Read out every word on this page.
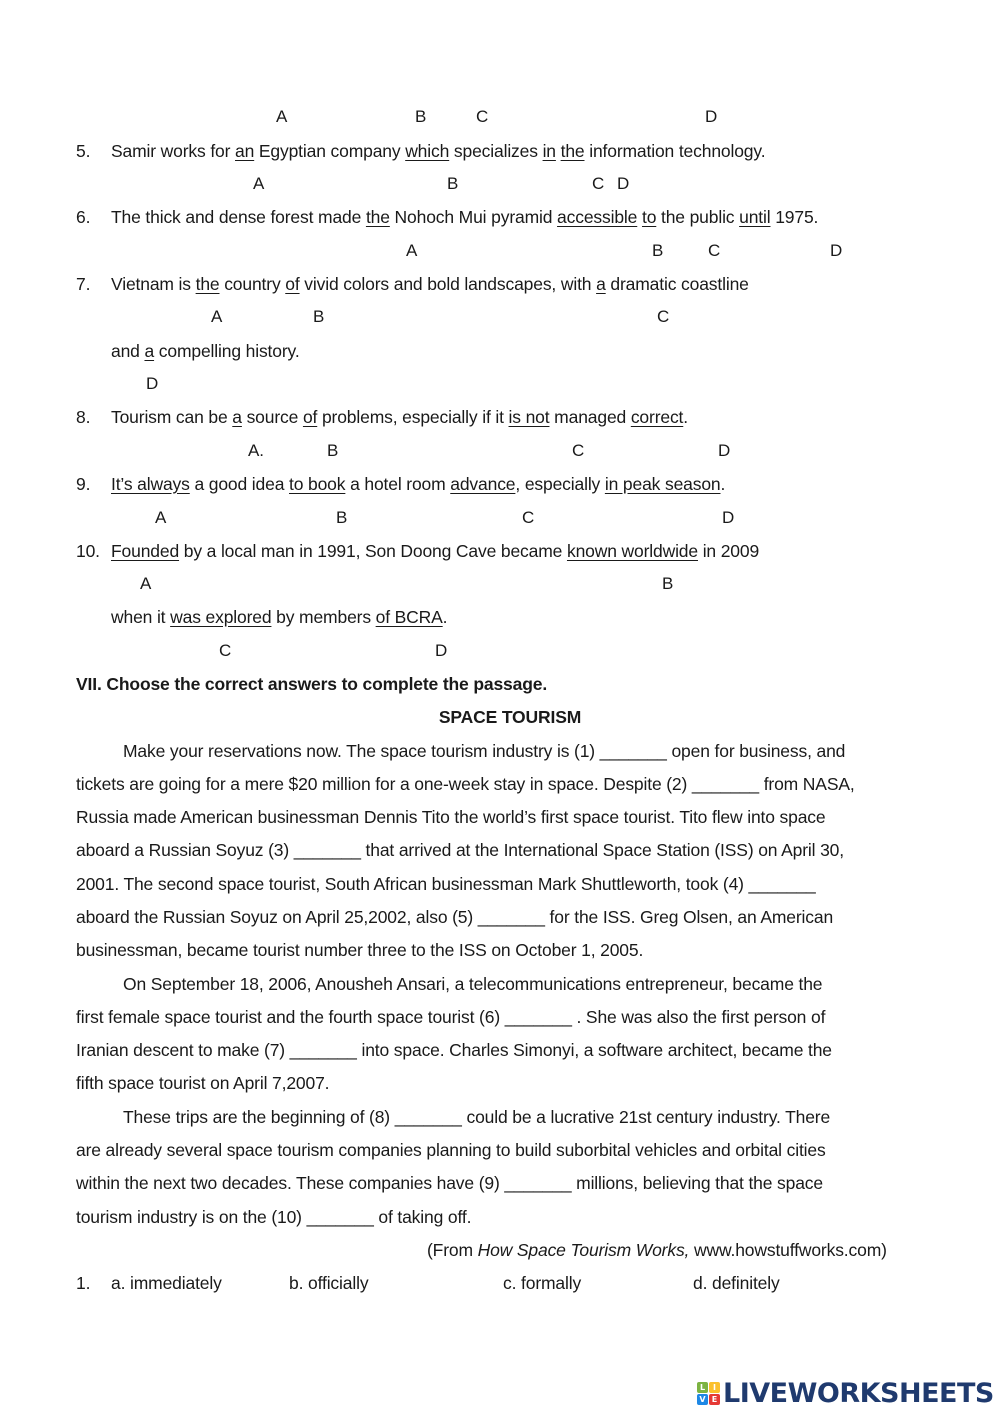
A	B	C	D
5. Samir works for an Egyptian company which specializes in the information technology.
A	B	C D
6. The thick and dense forest made the Nohoch Mui pyramid accessible to the public until 1975.
A	B	C	D
7. Vietnam is the country of vivid colors and bold landscapes, with a dramatic coastline
A	B	C
and a compelling history.
D
8. Tourism can be a source of problems, especially if it is not managed correct.
A.	B	C	D
9. It’s always a good idea to book a hotel room advance, especially in peak season.
A	B	C	D
10. Founded by a local man in 1991, Son Doong Cave became known worldwide in 2009
A	B
when it was explored by members of BCRA.
C	D
VII. Choose the correct answers to complete the passage.
SPACE TOURISM
Make your reservations now. The space tourism industry is (1) _______ open for business, and
tickets are going for a mere $20 million for a one-week stay in space. Despite (2) _______ from NASA,
Russia made American businessman Dennis Tito the world’s first space tourist. Tito flew into space
aboard a Russian Soyuz (3) _______ that arrived at the International Space Station (ISS) on April 30,
2001. The second space tourist, South African businessman Mark Shuttleworth, took (4) _______
aboard the Russian Soyuz on April 25,2002, also (5) _______ for the ISS. Greg Olsen, an American
businessman, became tourist number three to the ISS on October 1, 2005.
On September 18, 2006, Anousheh Ansari, a telecommunications entrepreneur, became the
first female space tourist and the fourth space tourist (6) _______ . She was also the first person of
Iranian descent to make (7) _______ into space. Charles Simonyi, a software architect, became the
fifth space tourist on April 7,2007.
These trips are the beginning of (8) _______ could be a lucrative 21st century industry. There
are already several space tourism companies planning to build suborbital vehicles and orbital cities
within the next two decades. These companies have (9) _______ millions, believing that the space
tourism industry is on the (10) _______ of taking off.
(From How Space Tourism Works, www.howstuffworks.com)
1. a. immediately	b. officially	c. formally	d. definitely
L I
V E LIVEWORKSHEETS
